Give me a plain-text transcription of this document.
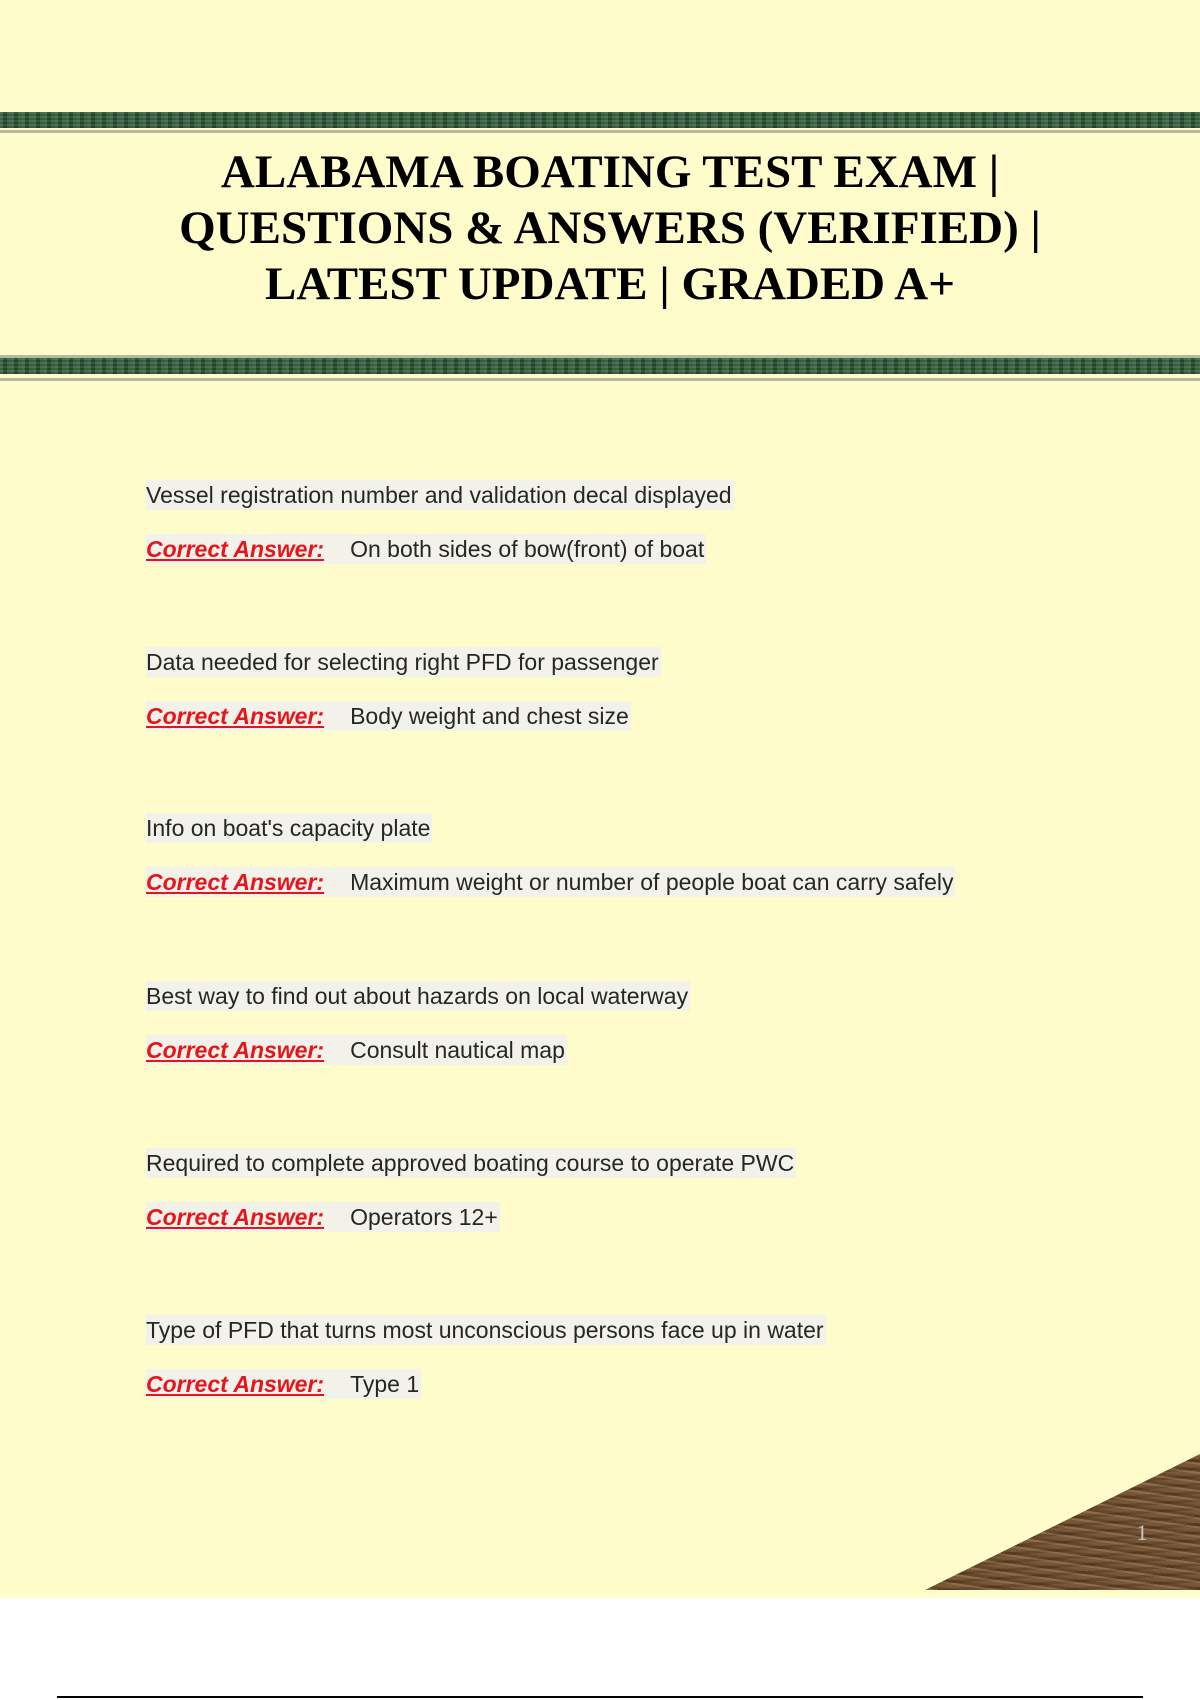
ALABAMA BOATING TEST EXAM | QUESTIONS & ANSWERS (VERIFIED) | LATEST UPDATE | GRADED A+
Vessel registration number and validation decal displayed
Correct Answer: On both sides of bow(front) of boat
Data needed for selecting right PFD for passenger
Correct Answer: Body weight and chest size
Info on boat's capacity plate
Correct Answer: Maximum weight or number of people boat can carry safely
Best way to find out about hazards on local waterway
Correct Answer: Consult nautical map
Required to complete approved boating course to operate PWC
Correct Answer: Operators 12+
Type of PFD that turns most unconscious persons face up in water
Correct Answer: Type 1
1
